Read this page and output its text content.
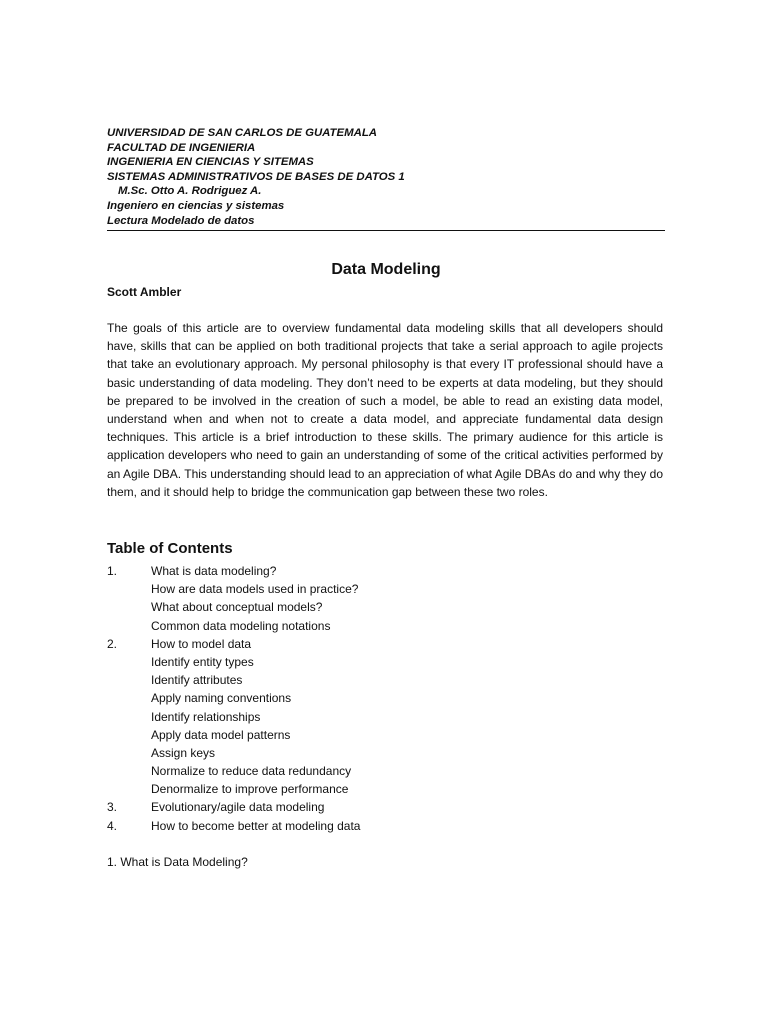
UNIVERSIDAD DE SAN CARLOS DE GUATEMALA
FACULTAD DE INGENIERIA
INGENIERIA EN CIENCIAS Y SITEMAS
SISTEMAS ADMINISTRATIVOS DE BASES DE DATOS 1
M.Sc. Otto A. Rodriguez A.
Ingeniero en ciencias y sistemas
Lectura Modelado de datos
Data Modeling
Scott Ambler

The goals of this article are to overview fundamental data modeling skills that all developers should have, skills that can be applied on both traditional projects that take a serial approach to agile projects that take an evolutionary approach. My personal philosophy is that every IT professional should have a basic understanding of data modeling. They don’t need to be experts at data modeling, but they should be prepared to be involved in the creation of such a model, be able to read an existing data model, understand when and when not to create a data model, and appreciate fundamental data design techniques. This article is a brief introduction to these skills. The primary audience for this article is application developers who need to gain an understanding of some of the critical activities performed by an Agile DBA. This understanding should lead to an appreciation of what Agile DBAs do and why they do them, and it should help to bridge the communication gap between these two roles.

Table of Contents
1.	What is data modeling?
How are data models used in practice?
What about conceptual models?
Common data modeling notations
2.	How to model data
Identify entity types
Identify attributes
Apply naming conventions
Identify relationships
Apply data model patterns
Assign keys
Normalize to reduce data redundancy
Denormalize to improve performance
3.	Evolutionary/agile data modeling
4.	How to become better at modeling data
1. What is Data Modeling?
